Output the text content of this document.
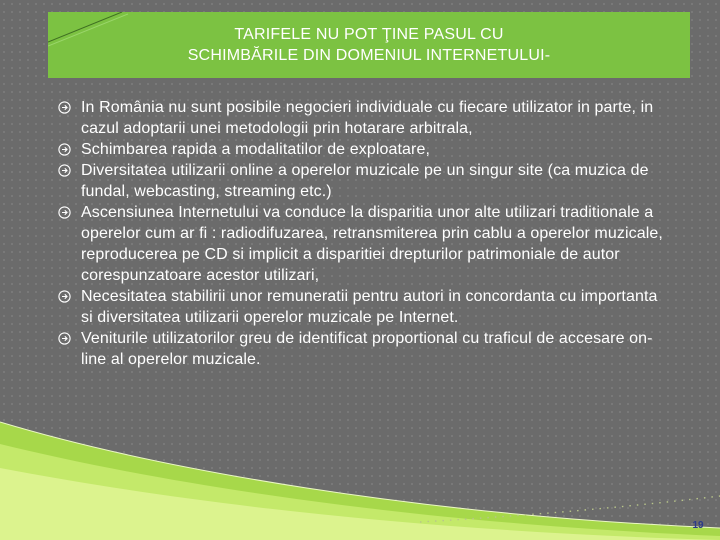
TARIFELE NU POT ŢINE PASUL CU
SCHIMBĂRILE DIN DOMENIUL INTERNETULUI-
In România nu sunt posibile negocieri individuale cu fiecare utilizator in parte, in cazul adoptarii unei metodologii prin hotarare arbitrala,
Schimbarea rapida a modalitatilor de exploatare,
Diversitatea utilizarii online a operelor muzicale pe un singur site (ca muzica de fundal, webcasting, streaming etc.)
Ascensiunea Internetului va conduce la disparitia unor alte utilizari traditionale a operelor cum ar fi : radiodifuzarea, retransmiterea prin cablu a operelor muzicale, reproducerea pe CD si implicit a disparitiei drepturilor patrimoniale de autor corespunzatoare acestor utilizari,
Necesitatea stabilirii unor remuneratii pentru autori in concordanta cu importanta si diversitatea utilizarii operelor muzicale pe Internet.
Veniturile utilizatorilor greu de identificat proportional cu traficul de accesare on-line al operelor muzicale.
19
